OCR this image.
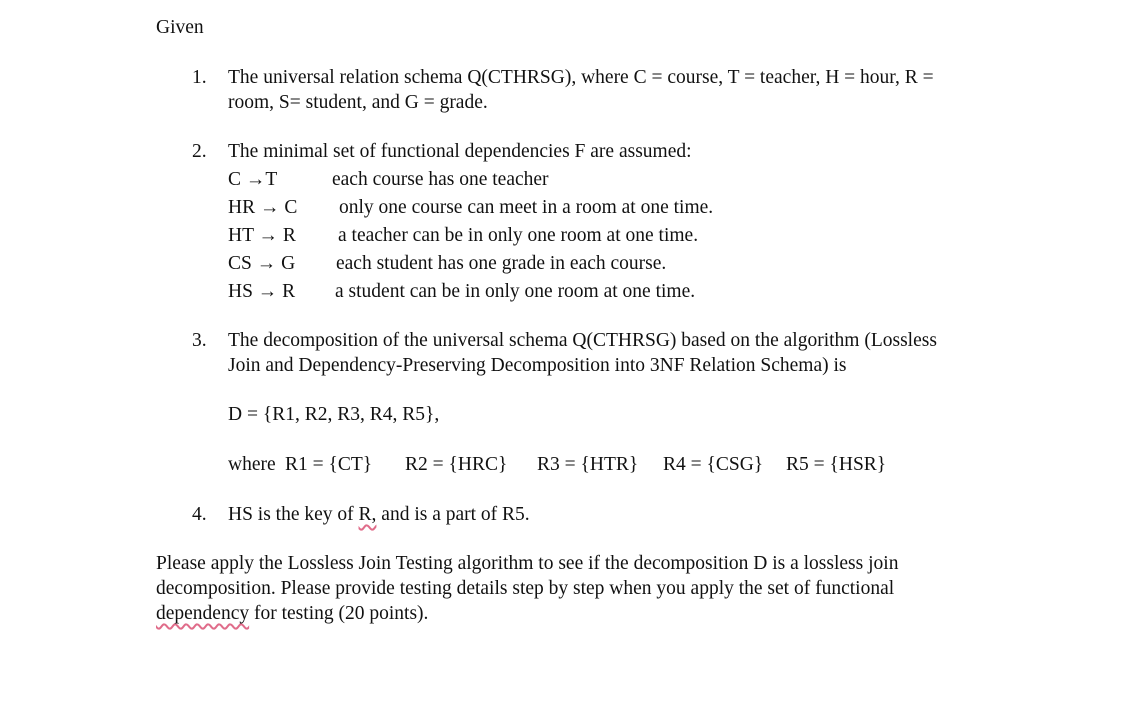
Given
1. The universal relation schema Q(CTHRSG), where C = course, T = teacher, H = hour, R =
room, S= student, and G = grade.
2. The minimal set of functional dependencies F are assumed:
C →T	each course has one teacher
HR → C only one course can meet in a room at one time.
HT → R a teacher can be in only one room at one time.
CS → G each student has one grade in each course.
HS → R a student can be in only one room at one time.
3. The decomposition of the universal schema Q(CTHRSG) based on the algorithm (Lossless
Join and Dependency-Preserving Decomposition into 3NF Relation Schema) is
D = {R1, R2, R3, R4, R5},
where R1 = {CT} R2 = {HRC} R3 = {HTR} R4 = {CSG} R5 = {HSR}
4. HS is the key of R, and is a part of R5.
Please apply the Lossless Join Testing algorithm to see if the decomposition D is a lossless join
decomposition. Please provide testing details step by step when you apply the set of functional
dependency for testing (20 points).
